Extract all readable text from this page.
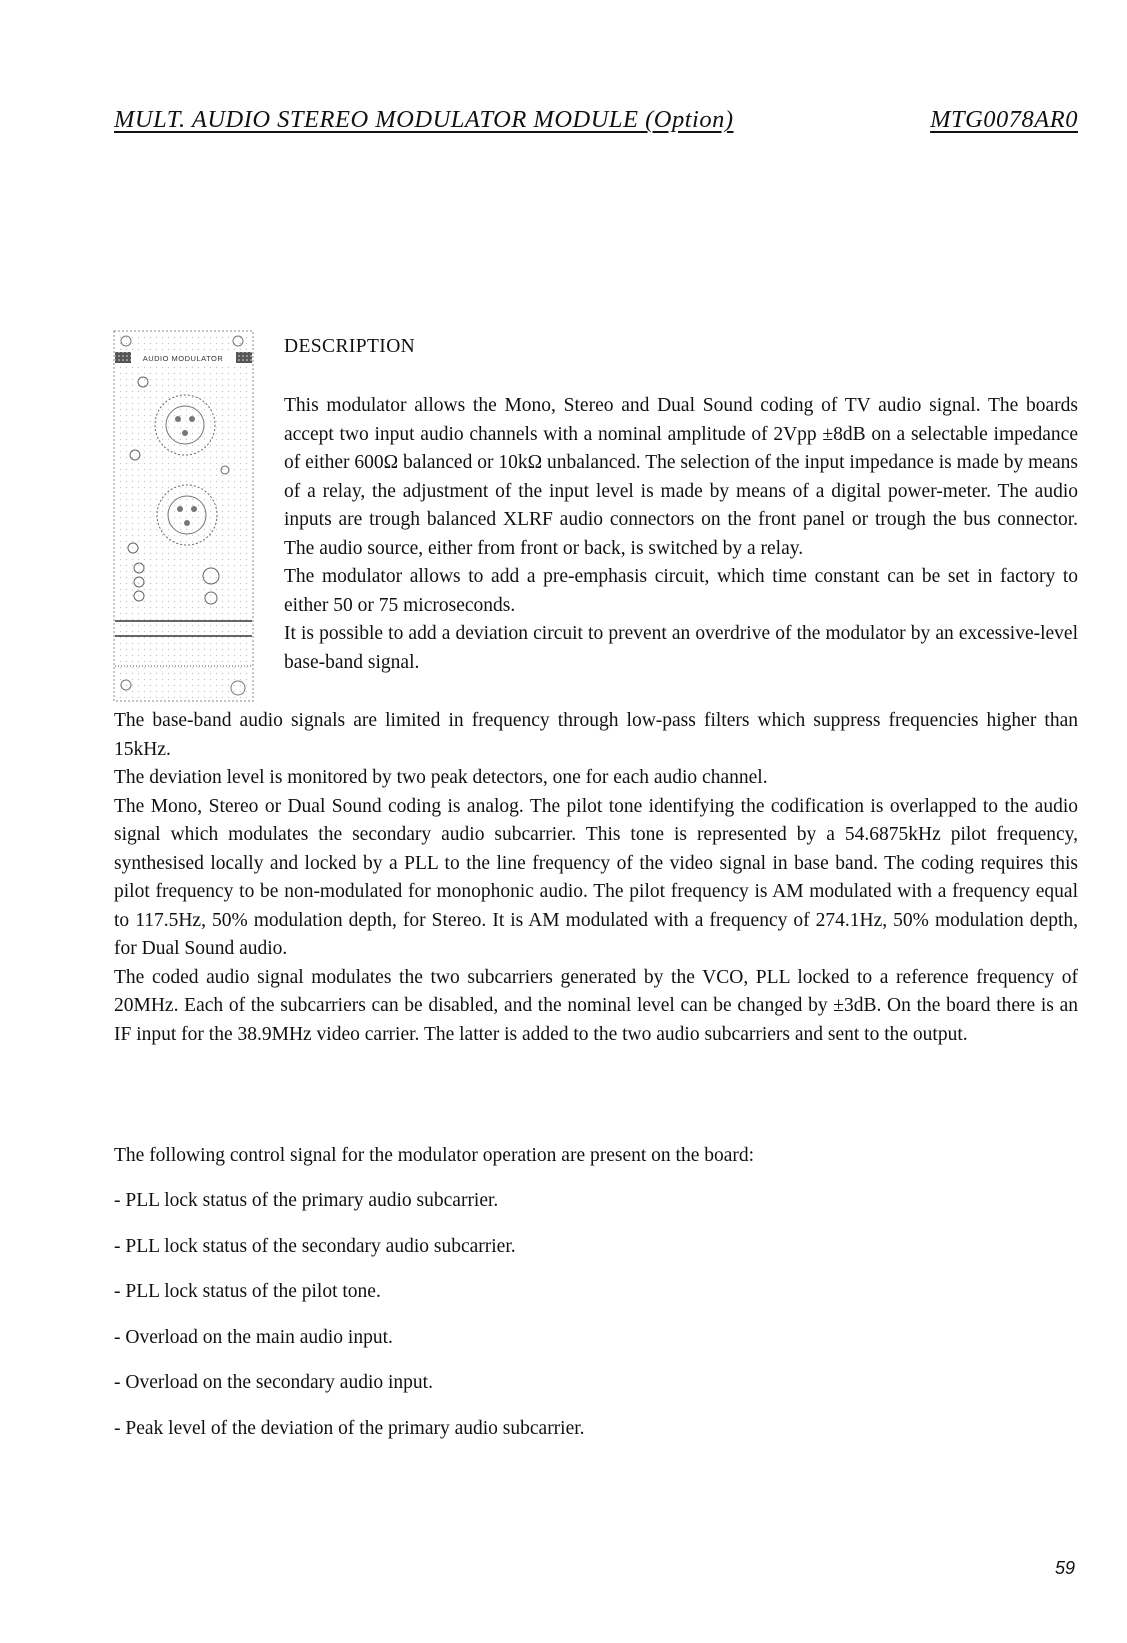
MULT. AUDIO STEREO MODULATOR MODULE (Option)	MTG0078AR0
AUDIO MODULATOR
DESCRIPTION

This modulator allows the Mono, Stereo and Dual Sound coding of TV audio signal. The boards accept two input audio channels with a nominal amplitude of 2Vpp ±8dB on a selectable impedance of either 600Ω balanced or 10kΩ unbalanced. The selection of the input impedance is made by means of a relay, the adjustment of the input level is made by means of a digital power-meter. The audio inputs are trough balanced XLRF audio connectors on the front panel or trough the bus connector. The audio source, either from front or back, is switched by a relay.

The modulator allows to add a pre-emphasis circuit, which time constant can be set in factory to either 50 or 75 microseconds.

It is possible to add a deviation circuit to prevent an overdrive of the modulator by an excessive-level base-band signal.

The base-band audio signals are limited in frequency through low-pass filters which suppress frequencies higher than 15kHz.

The deviation level is monitored by two peak detectors, one for each audio channel.

The Mono, Stereo or Dual Sound coding is analog. The pilot tone identifying the codification is overlapped to the audio signal which modulates the secondary audio subcarrier. This tone is represented by a 54.6875kHz pilot frequency, synthesised locally and locked by a PLL to the line frequency of the video signal in base band. The coding requires this pilot frequency to be non-modulated for monophonic audio. The pilot frequency is AM modulated with a frequency equal to 117.5Hz, 50% modulation depth, for Stereo. It is AM modulated with a frequency of 274.1Hz, 50% modulation depth, for Dual Sound audio.

The coded audio signal modulates the two subcarriers generated by the VCO, PLL locked to a reference frequency of 20MHz. Each of the subcarriers can be disabled, and the nominal level can be changed by ±3dB. On the board there is an IF input for the 38.9MHz video carrier. The latter is added to the two audio subcarriers and sent to the output.

The following control signal for the modulator operation are present on the board:

- PLL lock status of the primary audio subcarrier.
- PLL lock status of the secondary audio subcarrier.
- PLL lock status of the pilot tone.
- Overload on the main audio input.
- Overload on the secondary audio input.
- Peak level of the deviation of the primary audio subcarrier.
59
